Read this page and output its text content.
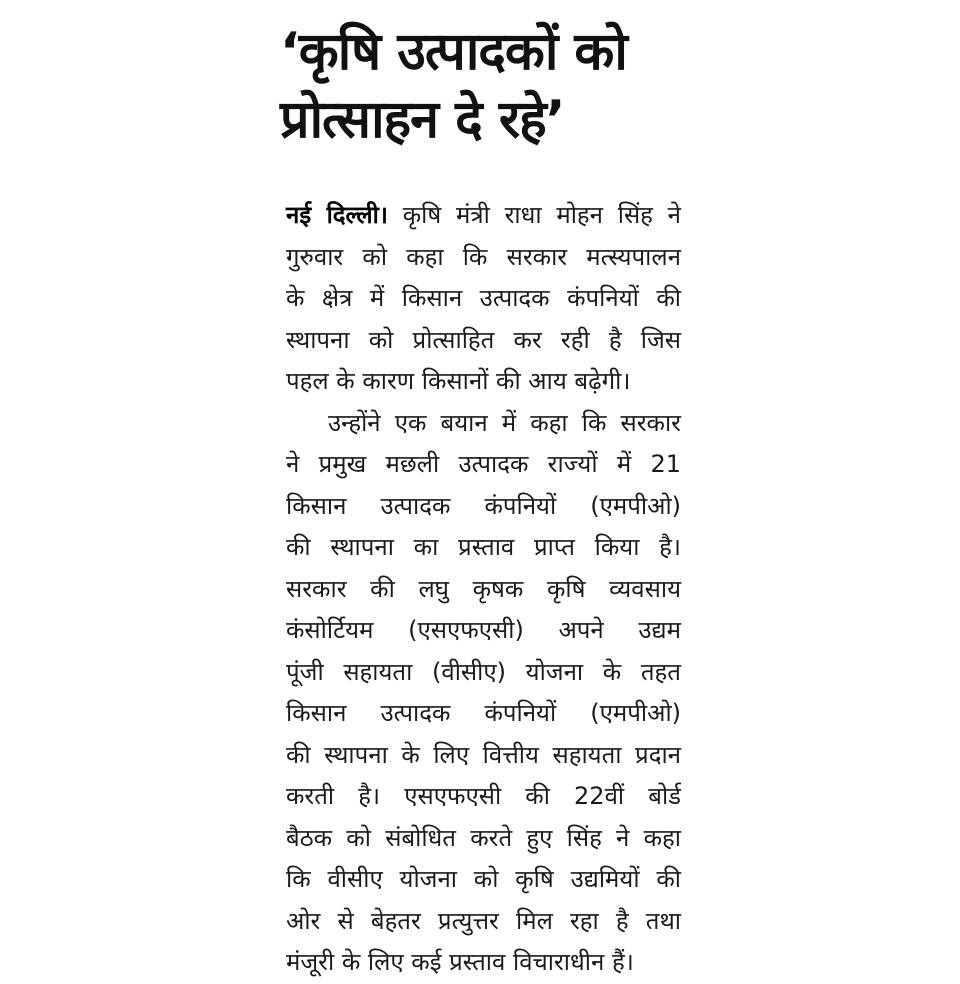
‘कृषि उत्पादकों को
प्रोत्साहन दे रहे’
नई दिल्ली। कृषि मंत्री राधा मोहन सिंह ने
गुरुवार को कहा कि सरकार मत्स्यपालन
के क्षेत्र में किसान उत्पादक कंपनियों की
स्थापना को प्रोत्साहित कर रही है जिस
पहल के कारण किसानों की आय बढ़ेगी।
उन्होंने एक बयान में कहा कि सरकार
ने प्रमुख मछली उत्पादक राज्यों में 21
किसान उत्पादक कंपनियों (एमपीओ)
की स्थापना का प्रस्ताव प्राप्त किया है।
सरकार की लघु कृषक कृषि व्यवसाय
कंसोर्टियम (एसएफएसी) अपने उद्यम
पूंजी सहायता (वीसीए) योजना के तहत
किसान उत्पादक कंपनियों (एमपीओ)
की स्थापना के लिए वित्तीय सहायता प्रदान
करती है। एसएफएसी की 22वीं बोर्ड
बैठक को संबोधित करते हुए सिंह ने कहा
कि वीसीए योजना को कृषि उद्यमियों की
ओर से बेहतर प्रत्युत्तर मिल रहा है तथा
मंजूरी के लिए कई प्रस्ताव विचाराधीन हैं।
